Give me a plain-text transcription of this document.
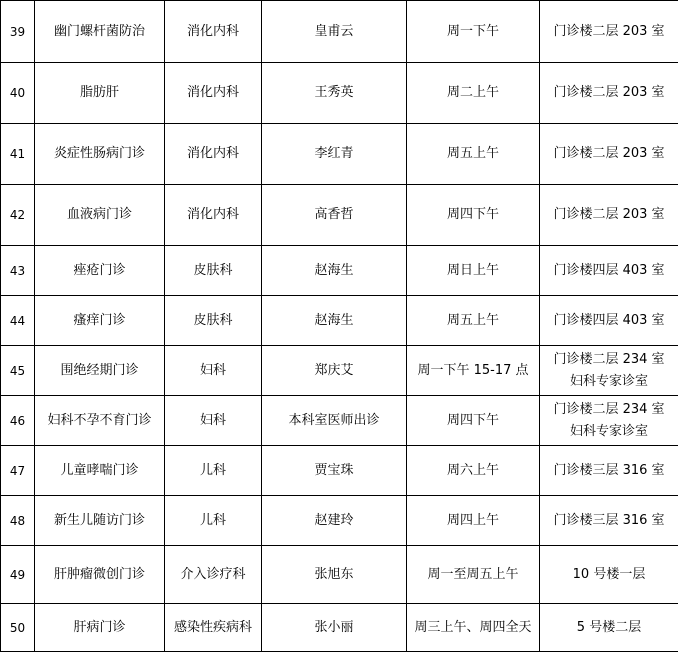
39	幽门螺杆菌防治	消化内科	皇甫云	周一下午	门诊楼二层 203 室

40	脂肪肝	消化内科	王秀英	周二上午	门诊楼二层 203 室

41	炎症性肠病门诊	消化内科	李红青	周五上午	门诊楼二层 203 室

42	血液病门诊	消化内科	高香哲	周四下午	门诊楼二层 203 室

43	痤疮门诊	皮肤科	赵海生	周日上午	门诊楼四层 403 室

44	瘙痒门诊	皮肤科	赵海生	周五上午	门诊楼四层 403 室

45	围绝经期门诊	妇科	郑庆艾	周一下午 15-17 点	门诊楼二层 234 室
妇科专家诊室

46	妇科不孕不育门诊	妇科	本科室医师出诊	周四下午	门诊楼二层 234 室
妇科专家诊室

47	儿童哮喘门诊	儿科	贾宝珠	周六上午	门诊楼三层 316 室

48	新生儿随访门诊	儿科	赵建玲	周四上午	门诊楼三层 316 室

49	肝肿瘤微创门诊	介入诊疗科	张旭东	周一至周五上午	10 号楼一层

50	肝病门诊	感染性疾病科	张小丽	周三上午、周四全天	5 号楼二层
